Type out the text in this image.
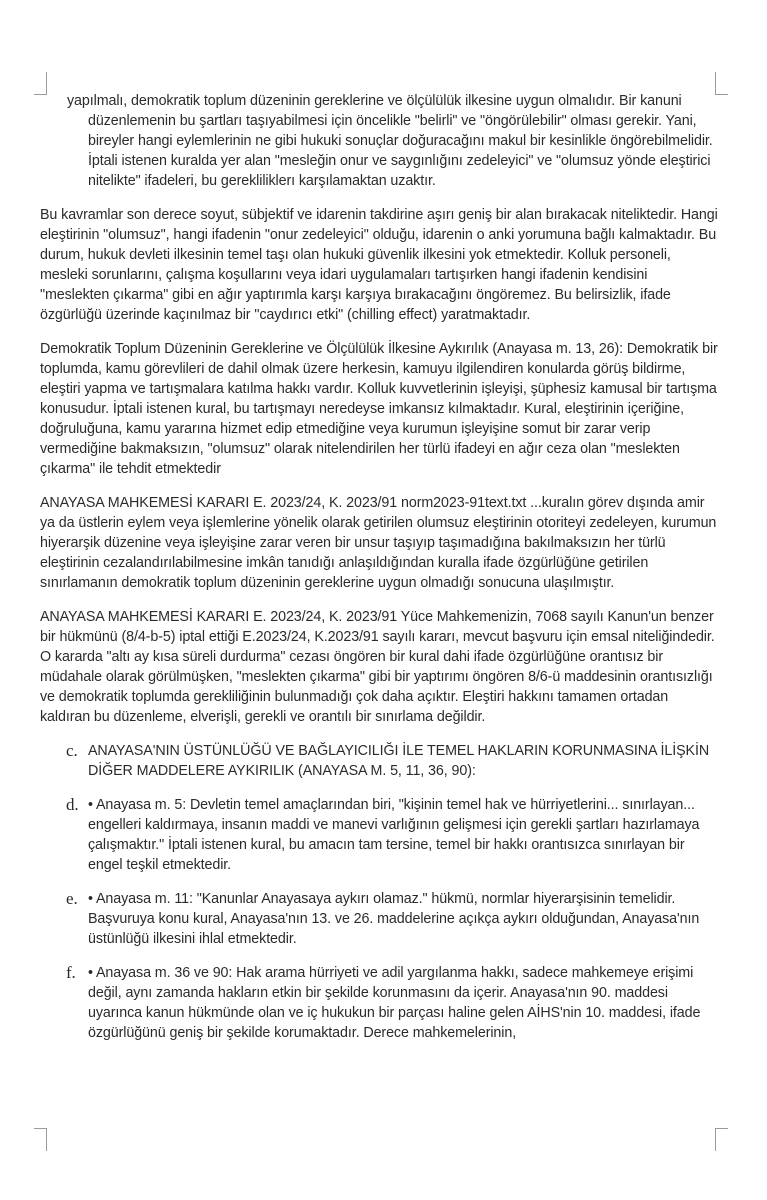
yapılmalı, demokratik toplum düzeninin gereklerine ve ölçülülük ilkesine uygun olmalıdır. Bir kanuni düzenlemenin bu şartları taşıyabilmesi için öncelikle "belirli" ve "öngörülebilir" olması gerekir. Yani, bireyler hangi eylemlerinin ne gibi hukuki sonuçlar doğuracağını makul bir kesinlikle öngörebilmelidir. İptali istenen kuralda yer alan "mesleğin onur ve saygınlığını zedeleyici" ve "olumsuz yönde eleştirici nitelikte" ifadeleri, bu gerekliliklerı karşılamaktan uzaktır.

Bu kavramlar son derece soyut, sübjektif ve idarenin takdirine aşırı geniş bir alan bırakacak niteliktedir. Hangi eleştirinin "olumsuz", hangi ifadenin "onur zedeleyici" olduğu, idarenin o anki yorumuna bağlı kalmaktadır. Bu durum, hukuk devleti ilkesinin temel taşı olan hukuki güvenlik ilkesini yok etmektedir. Kolluk personeli, mesleki sorunlarını, çalışma koşullarını veya idari uygulamaları tartışırken hangi ifadenin kendisini "meslekten çıkarma" gibi en ağır yaptırımla karşı karşıya bırakacağını öngöremez. Bu belirsizlik, ifade özgürlüğü üzerinde kaçınılmaz bir "caydırıcı etki" (chilling effect) yaratmaktadır.

Demokratik Toplum Düzeninin Gereklerine ve Ölçülülük İlkesine Aykırılık (Anayasa m. 13, 26): Demokratik bir toplumda, kamu görevlileri de dahil olmak üzere herkesin, kamuyu ilgilendiren konularda görüş bildirme, eleştiri yapma ve tartışmalara katılma hakkı vardır. Kolluk kuvvetlerinin işleyişi, şüphesiz kamusal bir tartışma konusudur. İptali istenen kural, bu tartışmayı neredeyse imkansız kılmaktadır. Kural, eleştirinin içeriğine, doğruluğuna, kamu yararına hizmet edip etmediğine veya kurumun işleyişine somut bir zarar verip vermediğine bakmaksızın, "olumsuz" olarak nitelendirilen her türlü ifadeyi en ağır ceza olan "meslekten çıkarma" ile tehdit etmektedir

ANAYASA MAHKEMESİ KARARI E. 2023/24, K. 2023/91 norm2023-91text.txt ...kuralın görev dışında amir ya da üstlerin eylem veya işlemlerine yönelik olarak getirilen olumsuz eleştirinin otoriteyi zedeleyen, kurumun hiyerarşik düzenine veya işleyişine zarar veren bir unsur taşıyıp taşımadığına bakılmaksızın her türlü eleştirinin cezalandırılabilmesine imkân tanıdığı anlaşıldığından kuralla ifade özgürlüğüne getirilen sınırlamanın demokratik toplum düzeninin gereklerine uygun olmadığı sonucuna ulaşılmıştır.

ANAYASA MAHKEMESİ KARARI E. 2023/24, K. 2023/91 Yüce Mahkemenizin, 7068 sayılı Kanun'un benzer bir hükmünü (8/4-b-5) iptal ettiği E.2023/24, K.2023/91 sayılı kararı, mevcut başvuru için emsal niteliğindedir. O kararda "altı ay kısa süreli durdurma" cezası öngören bir kural dahi ifade özgürlüğüne orantısız bir müdahale olarak görülmüşken, "meslekten çıkarma" gibi bir yaptırımı öngören 8/6-ü maddesinin orantısızlığı ve demokratik toplumda gerekliliğinin bulunmadığı çok daha açıktır. Eleştiri hakkını tamamen ortadan kaldıran bu düzenleme, elverişli, gerekli ve orantılı bir sınırlama değildir.

c. ANAYASA'NIN ÜSTÜNLÜĞÜ VE BAĞLAYICILIĞI İLE TEMEL HAKLARIN KORUNMASINA İLİŞKİN DİĞER MADDELERE AYKIRILIK (ANAYASA M. 5, 11, 36, 90):

d. • Anayasa m. 5: Devletin temel amaçlarından biri, "kişinin temel hak ve hürriyetlerini... sınırlayan... engelleri kaldırmaya, insanın maddi ve manevi varlığının gelişmesi için gerekli şartları hazırlamaya çalışmaktır." İptali istenen kural, bu amacın tam tersine, temel bir hakkı orantısızca sınırlayan bir engel teşkil etmektedir.

e. • Anayasa m. 11: "Kanunlar Anayasaya aykırı olamaz." hükmü, normlar hiyerarşisinin temelidir. Başvuruya konu kural, Anayasa'nın 13. ve 26. maddelerine açıkça aykırı olduğundan, Anayasa'nın üstünlüğü ilkesini ihlal etmektedir.

f. • Anayasa m. 36 ve 90: Hak arama hürriyeti ve adil yargılanma hakkı, sadece mahkemeye erişimi değil, aynı zamanda hakların etkin bir şekilde korunmasını da içerir. Anayasa'nın 90. maddesi uyarınca kanun hükmünde olan ve iç hukukun bir parçası haline gelen AİHS'nin 10. maddesi, ifade özgürlüğünü geniş bir şekilde korumaktadır. Derece mahkemelerinin,
